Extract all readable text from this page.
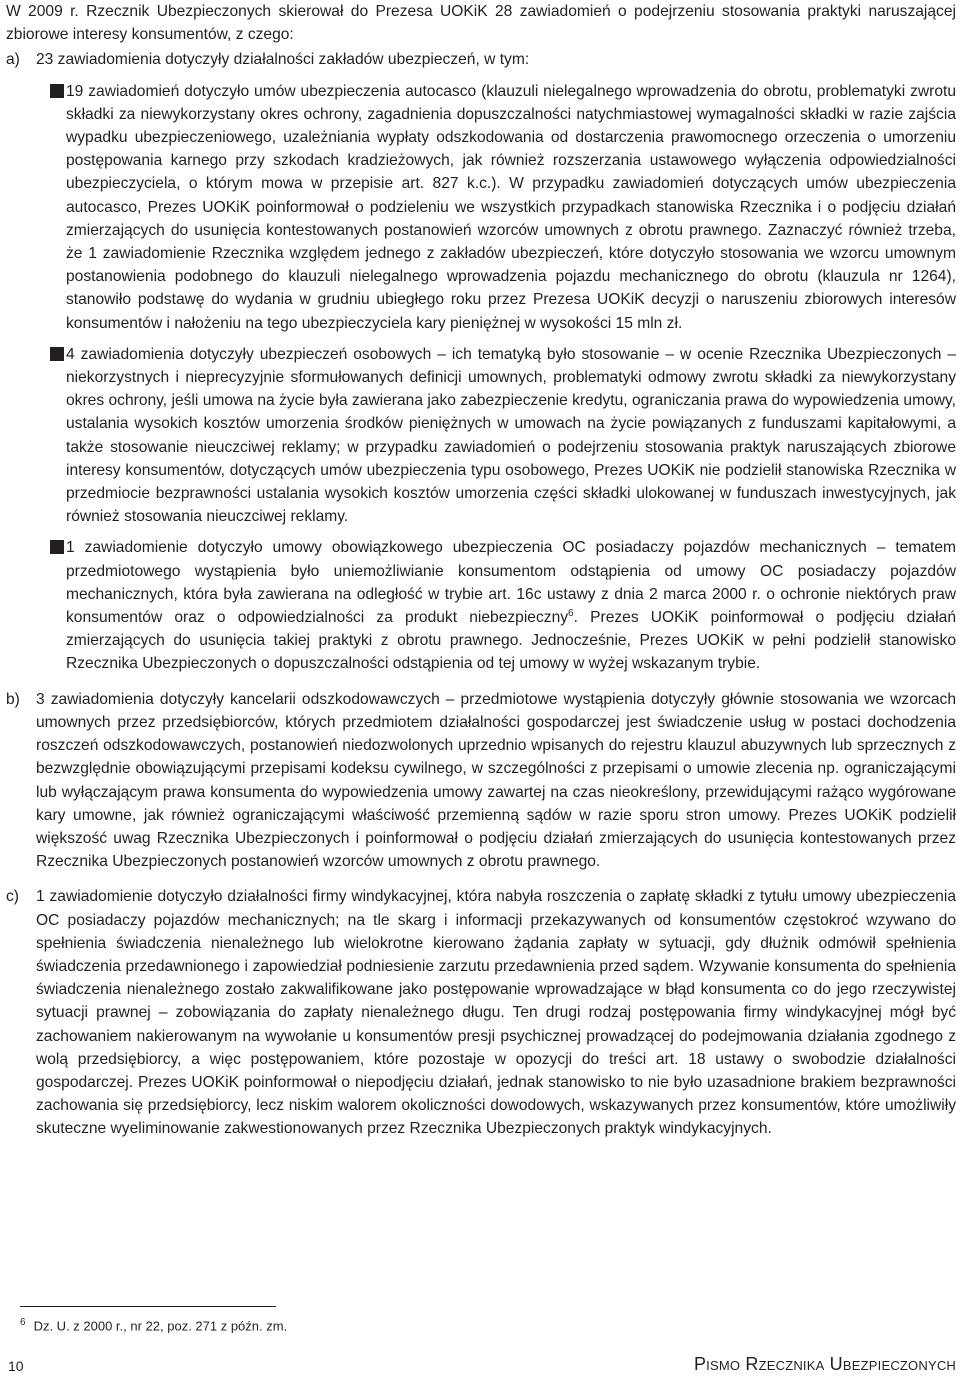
W 2009 r. Rzecznik Ubezpieczonych skierował do Prezesa UOKiK 28 zawiadomień o podejrzeniu stosowania praktyki naruszającej zbiorowe interesy konsumentów, z czego:

a)	23 zawiadomienia dotyczyły działalności zakładów ubezpieczeń, w tym:

19 zawiadomień dotyczyło umów ubezpieczenia autocasco (klauzuli nielegalnego wprowadzenia do obrotu, problematyki zwrotu składki za niewykorzystany okres ochrony, zagadnienia dopuszczalności natychmiastowej wymagalności składki w razie zajścia wypadku ubezpieczeniowego, uzależniania wypłaty odszkodowania od dostarczenia prawomocnego orzeczenia o umorzeniu postępowania karnego przy szkodach kradzieżowych, jak również rozszerzania ustawowego wyłączenia odpowiedzialności ubezpieczyciela, o którym mowa w przepisie art. 827 k.c.). W przypadku zawiadomień dotyczących umów ubezpieczenia autocasco, Prezes UOKiK poinformował o podzieleniu we wszystkich przypadkach stanowiska Rzecznika i o podjęciu działań zmierzających do usunięcia kontestowanych postanowień wzorców umownych z obrotu prawnego. Zaznaczyć również trzeba, że 1 zawiadomienie Rzecznika względem jednego z zakładów ubezpieczeń, które dotyczyło stosowania we wzorcu umownym postanowienia podobnego do klauzuli nielegalnego wprowadzenia pojazdu mechanicznego do obrotu (klauzula nr 1264), stanowiło podstawę do wydania w grudniu ubiegłego roku przez Prezesa UOKiK decyzji o naruszeniu zbiorowych interesów konsumentów i nałożeniu na tego ubezpieczyciela kary pieniężnej w wysokości 15 mln zł.

4 zawiadomienia dotyczyły ubezpieczeń osobowych – ich tematyką było stosowanie – w ocenie Rzecznika Ubezpieczonych – niekorzystnych i nieprecyzyjnie sformułowanych definicji umownych, problematyki odmowy zwrotu składki za niewykorzystany okres ochrony, jeśli umowa na życie była zawierana jako zabezpieczenie kredytu, ograniczania prawa do wypowiedzenia umowy, ustalania wysokich kosztów umorzenia środków pieniężnych w umowach na życie powiązanych z funduszami kapitałowymi, a także stosowanie nieuczciwej reklamy; w przypadku zawiadomień o podejrzeniu stosowania praktyk naruszających zbiorowe interesy konsumentów, dotyczących umów ubezpieczenia typu osobowego, Prezes UOKiK nie podzielił stanowiska Rzecznika w przedmiocie bezprawności ustalania wysokich kosztów umorzenia części składki ulokowanej w funduszach inwestycyjnych, jak również stosowania nieuczciwej reklamy.

1 zawiadomienie dotyczyło umowy obowiązkowego ubezpieczenia OC posiadaczy pojazdów mechanicznych – tematem przedmiotowego wystąpienia było uniemożliwianie konsumentom odstąpienia od umowy OC posiadaczy pojazdów mechanicznych, która była zawierana na odległość w trybie art. 16c ustawy z dnia 2 marca 2000 r. o ochronie niektórych praw konsumentów oraz o odpowiedzialności za produkt niebezpieczny$^6$. Prezes UOKiK poinformował o podjęciu działań zmierzających do usunięcia takiej praktyki z obrotu prawnego. Jednocześnie, Prezes UOKiK w pełni podzielił stanowisko Rzecznika Ubezpieczonych o dopuszczalności odstąpienia od tej umowy w wyżej wskazanym trybie.

b)	3 zawiadomienia dotyczyły kancelarii odszkodowawczych – przedmiotowe wystąpienia dotyczyły głównie stosowania we wzorcach umownych przez przedsiębiorców, których przedmiotem działalności gospodarczej jest świadczenie usług w postaci dochodzenia roszczeń odszkodowawczych, postanowień niedozwolonych uprzednio wpisanych do rejestru klauzul abuzywnych lub sprzecznych z bezwzględnie obowiązującymi przepisami kodeksu cywilnego, w szczególności z przepisami o umowie zlecenia np. ograniczającymi lub wyłączającym prawa konsumenta do wypowiedzenia umowy zawartej na czas nieokreślony, przewidującymi rażąco wygórowane kary umowne, jak również ograniczającymi właściwość przemienną sądów w razie sporu stron umowy. Prezes UOKiK podzielił większość uwag Rzecznika Ubezpieczonych i poinformował o podjęciu działań zmierzających do usunięcia kontestowanych przez Rzecznika Ubezpieczonych postanowień wzorców umownych z obrotu prawnego.

c)	1 zawiadomienie dotyczyło działalności firmy windykacyjnej, która nabyła roszczenia o zapłatę składki z tytułu umowy ubezpieczenia OC posiadaczy pojazdów mechanicznych; na tle skarg i informacji przekazywanych od konsumentów częstokroć wzywano do spełnienia świadczenia nienależnego lub wielokrotne kierowano żądania zapłaty w sytuacji, gdy dłużnik odmówił spełnienia świadczenia przedawnionego i zapowiedział podniesienie zarzutu przedawnienia przed sądem. Wzywanie konsumenta do spełnienia świadczenia nienależnego zostało zakwalifikowane jako postępowanie wprowadzające w błąd konsumenta co do jego rzeczywistej sytuacji prawnej – zobowiązania do zapłaty nienależnego długu. Ten drugi rodzaj postępowania firmy windykacyjnej mógł być zachowaniem nakierowanym na wywołanie u konsumentów presji psychicznej prowadzącej do podejmowania działania zgodnego z wolą przedsiębiorcy, a więc postępowaniem, które pozostaje w opozycji do treści art. 18 ustawy o swobodzie działalności gospodarczej. Prezes UOKiK poinformował o niepodjęciu działań, jednak stanowisko to nie było uzasadnione brakiem bezprawności zachowania się przedsiębiorcy, lecz niskim walorem okoliczności dowodowych, wskazywanych przez konsumentów, które umożliwiły skuteczne wyeliminowanie zakwestionowanych przez Rzecznika Ubezpieczonych praktyk windykacyjnych.

$^6$ Dz. U. z 2000 r., nr 22, poz. 271 z późn. zm.
10	Pismo Rzecznika Ubezpieczonych
